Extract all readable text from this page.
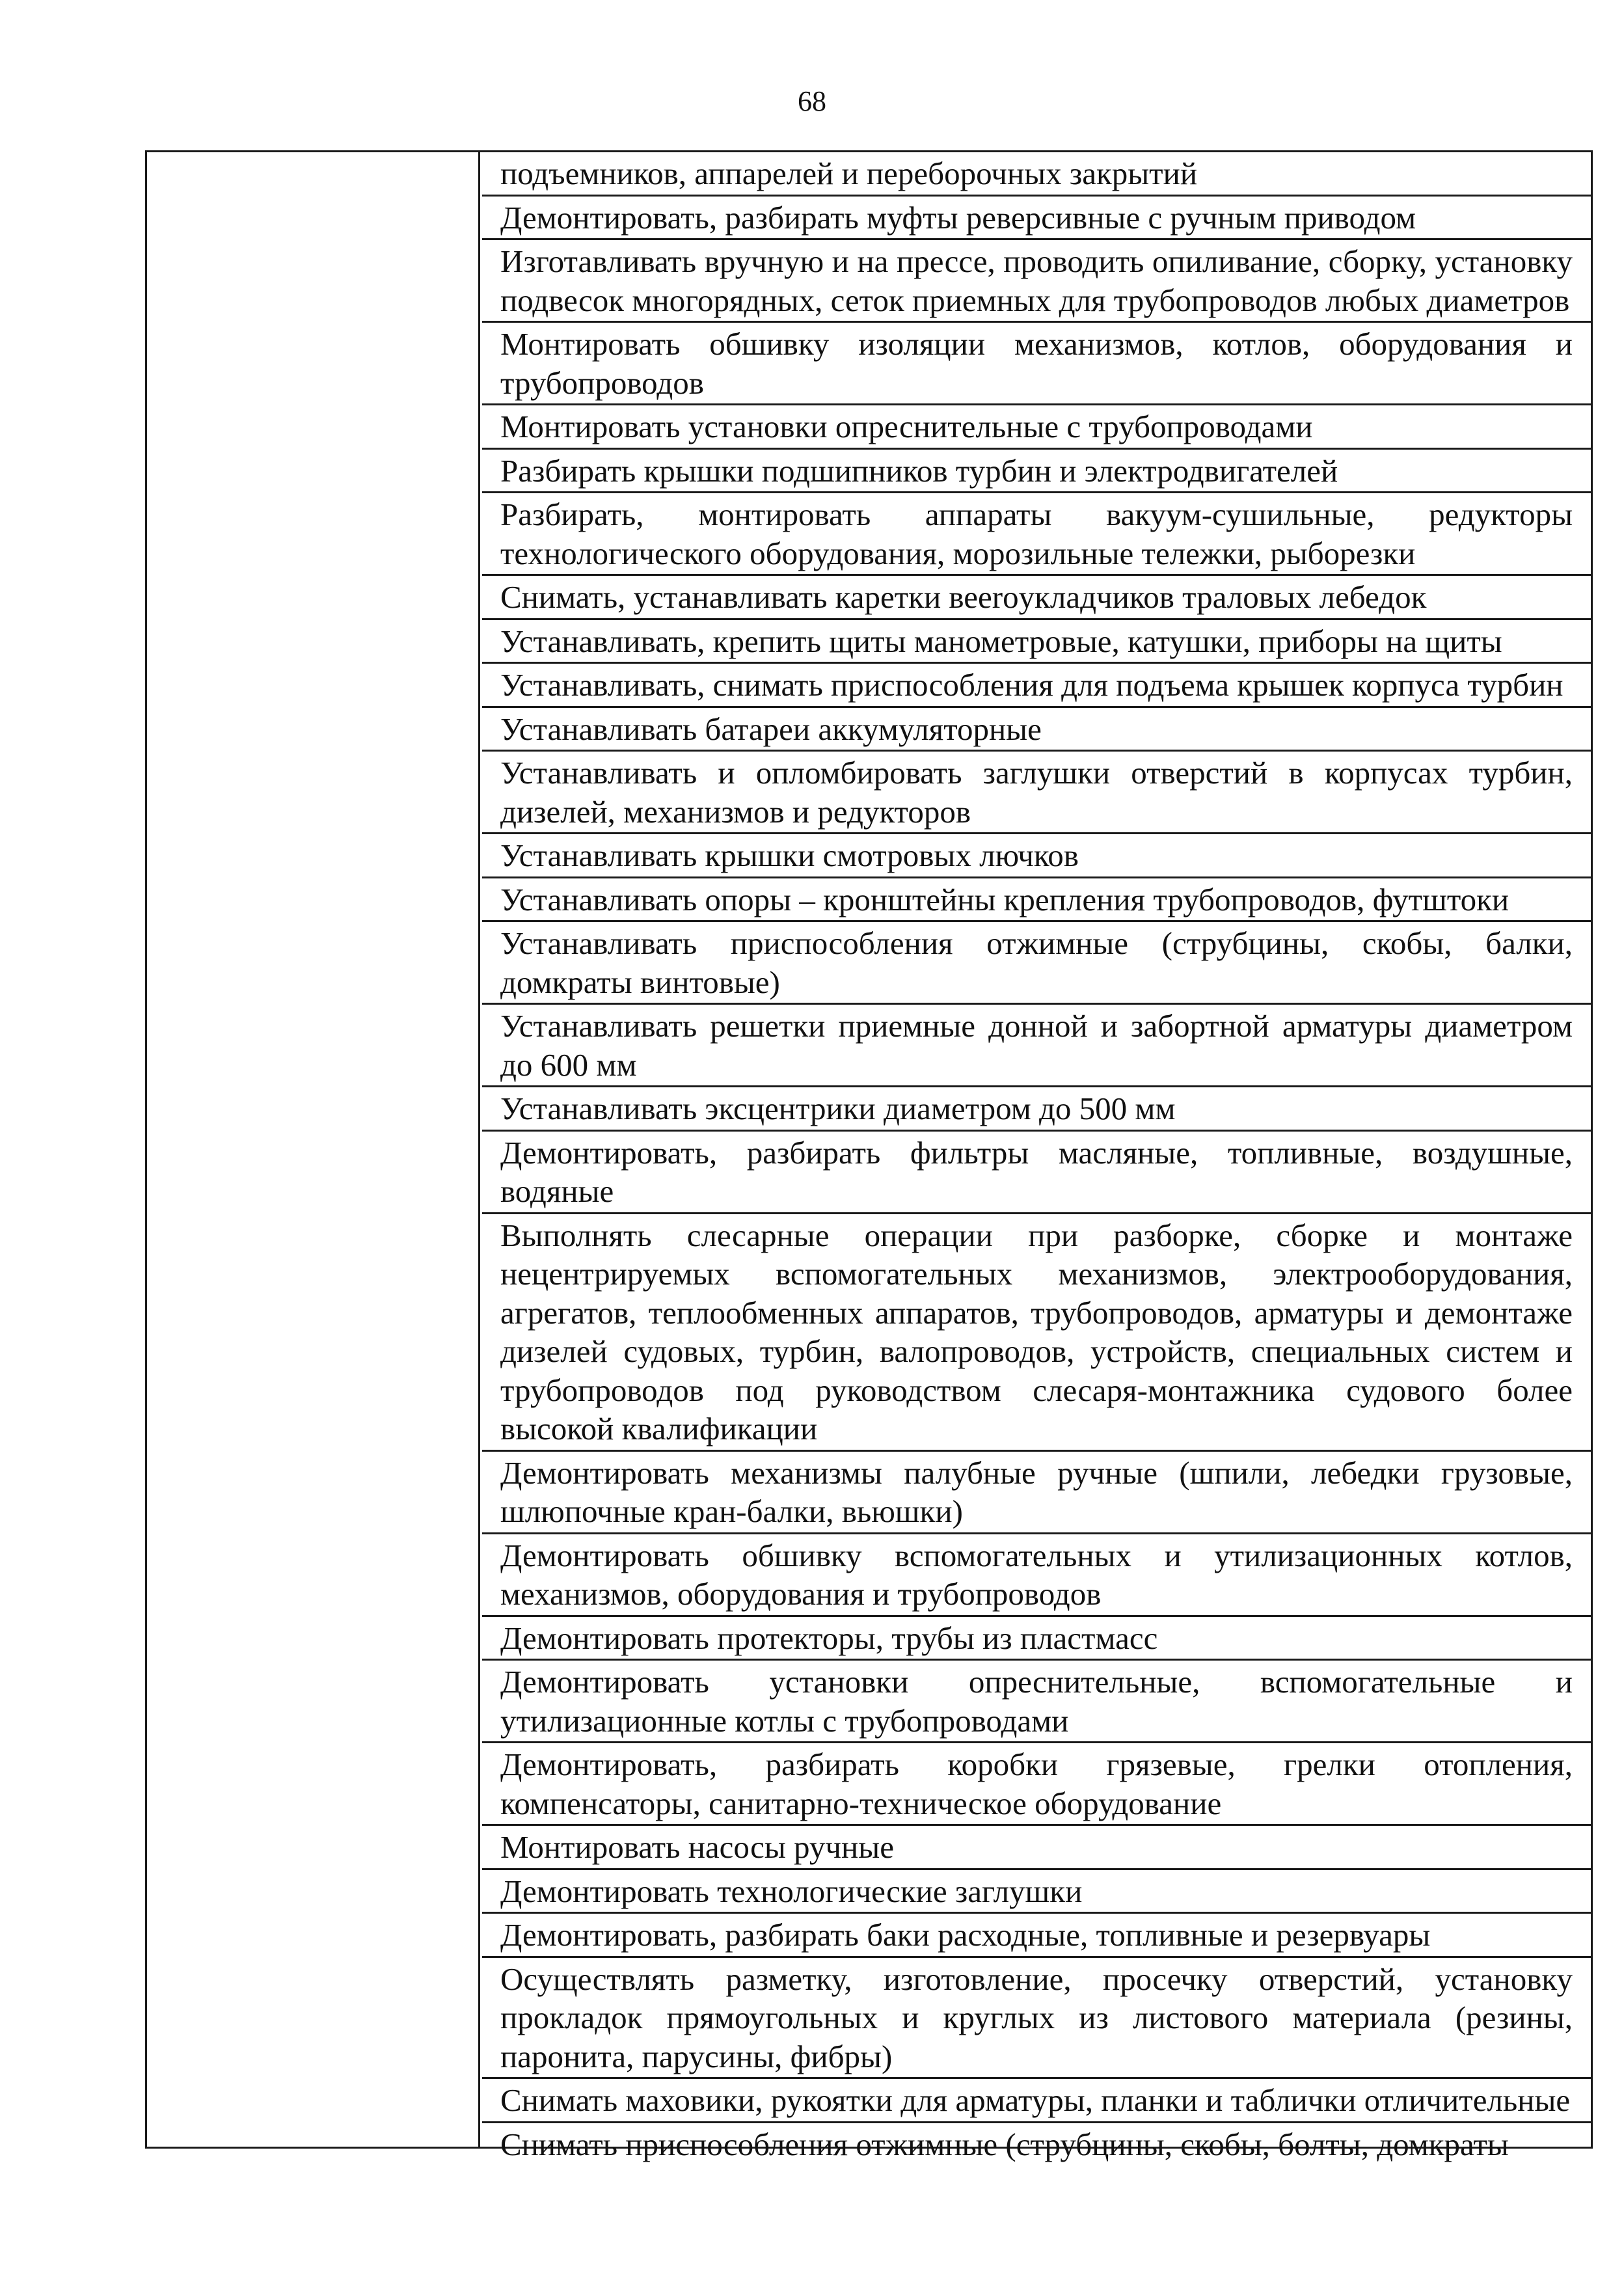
68
подъемников, аппарелей и переборочных закрытий
Демонтировать, разбирать муфты реверсивные с ручным приводом
Изготавливать вручную и на прессе, проводить опиливание, сборку, установку подвесок многорядных, сеток приемных для трубопроводов любых диаметров
Монтировать обшивку изоляции механизмов, котлов, оборудования и трубопроводов
Монтировать установки опреснительные с трубопроводами
Разбирать крышки подшипников турбин и электродвигателей
Разбирать, монтировать аппараты вакуум-сушильные, редукторы технологического оборудования, морозильные тележки, рыборезки
Снимать, устанавливать каретки вееroукладчиков траловых лебедок
Устанавливать, крепить щиты манометровые, катушки, приборы на щиты
Устанавливать, снимать приспособления для подъема крышек корпуса турбин
Устанавливать батареи аккумуляторные
Устанавливать и опломбировать заглушки отверстий в корпусах турбин, дизелей, механизмов и редукторов
Устанавливать крышки смотровых лючков
Устанавливать опоры – кронштейны крепления трубопроводов, футштоки
Устанавливать приспособления отжимные (струбцины, скобы, балки, домкраты винтовые)
Устанавливать решетки приемные донной и забортной арматуры диаметром до 600 мм
Устанавливать эксцентрики диаметром до 500 мм
Демонтировать, разбирать фильтры масляные, топливные, воздушные, водяные
Выполнять слесарные операции при разборке, сборке и монтаже нецентрируемых вспомогательных механизмов, электрооборудования, агрегатов, теплообменных аппаратов, трубопроводов, арматуры и демонтаже дизелей судовых, турбин, валопроводов, устройств, специальных систем и трубопроводов под руководством слесаря-монтажника судового более высокой квалификации
Демонтировать механизмы палубные ручные (шпили, лебедки грузовые, шлюпочные кран-балки, вьюшки)
Демонтировать обшивку вспомогательных и утилизационных котлов, механизмов, оборудования и трубопроводов
Демонтировать протекторы, трубы из пластмасс
Демонтировать установки опреснительные, вспомогательные и утилизационные котлы с трубопроводами
Демонтировать, разбирать коробки грязевые, грелки отопления, компенсаторы, санитарно-техническое оборудование
Монтировать насосы ручные
Демонтировать технологические заглушки
Демонтировать, разбирать баки расходные, топливные и резервуары
Осуществлять разметку, изготовление, просечку отверстий, установку прокладок прямоугольных и круглых из листового материала (резины, паронита, парусины, фибры)
Снимать маховики, рукоятки для арматуры, планки и таблички отличительные
Снимать приспособления отжимные (струбцины, скобы, болты, домкраты
